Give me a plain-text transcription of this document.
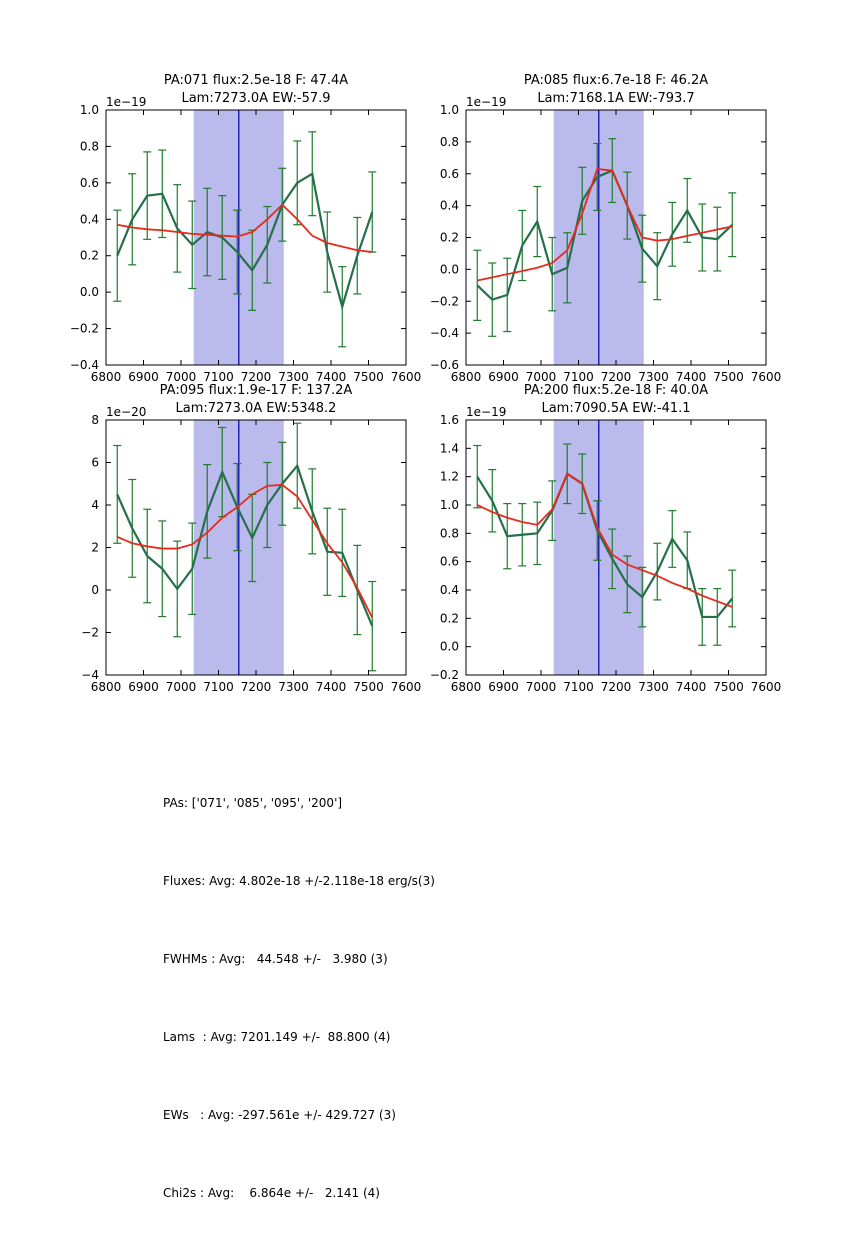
PA:071 flux:2.5e-18 F: 47.4A
Lam:7273.0A EW:-57.9
6800 6900 7000 7100 7200 7300 7400 7500 7600
1.0
0.8
0.6
0.4
0.2
0.0
−0.2
−0.4
1e−19
PA:085 flux:6.7e-18 F: 46.2A
Lam:7168.1A EW:-793.7
6800 6900 7000 7100 7200 7300 7400 7500 7600
1.0
0.8
0.6
0.4
0.2
0.0
−0.2
−0.4
−0.6
1e−19
PA:095 flux:1.9e-17 F: 137.2A
Lam:7273.0A EW:5348.2
6800 6900 7000 7100 7200 7300 7400 7500 7600
8
6
4
2
0
−2
−4
1e−20
PA:200 flux:5.2e-18 F: 40.0A
Lam:7090.5A EW:-41.1
6800 6900 7000 7100 7200 7300 7400 7500 7600
1.6
1.4
1.2
1.0
0.8
0.6
0.4
0.2
0.0
−0.2
1e−19

PAs: ['071', '085', '095', '200']

Fluxes: Avg: 4.802e-18 +/-2.118e-18 erg/s(3)

FWHMs : Avg:   44.548 +/-   3.980 (3)

Lams  : Avg: 7201.149 +/-  88.800 (4)

EWs   : Avg: -297.561e +/- 429.727 (3)

Chi2s : Avg:    6.864e +/-   2.141 (4)
